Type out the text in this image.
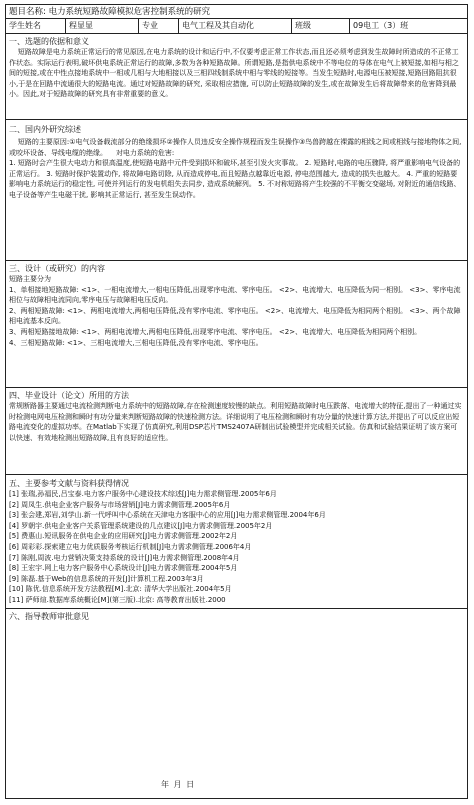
题目名称: 电力系统短路故障模拟危害控制系统的研究
学生姓名	程显显	专业	电气工程及其自动化	班级	09电工（3）班
一、选题的依据和意义
短路故障是电力系统正常运行的常见原因,在电力系统的设计和运行中,不仅要考虑正常工作状态,而且还必须考虑到发生故障时所造成的不正常工作状态。实际运行表明,破坏供电系统正常运行的故障,多数为各种短路故障。所谓短路,是指供电系统中不等电位的导体在电气上被短接,如相与相之间的短接,或在中性点接地系统中一相或几相与大地相接以及三相四线制系统中相与零线的短接等。当发生短路时,电源电压被短接,短路回路阻抗很小,于是在回路中流通很大的短路电流。通过对短路故障的研究, 采取相应措施, 可以防止短路故障的发生,或在故障发生后将故障带来的危害降到最小。因此,对于短路故障的研究具有非常重要的意义。
二、国内外研究综述
短路的主要原因:①电气设备载流部分的绝缘损坏②操作人员违反安全操作规程而发生误操作③鸟兽跨越在裸露的相线之间或相线与接地物体之间, 或咬坏设备、导线电缆的绝缘。    对电力系统的危害:
1. 短路时会产生很大电动力和很高温度,使短路电路中元件受到损坏和破坏,甚至引发火灾事故。 2. 短路时,电路的电压骤降, 将严重影响电气设备的正常运行。 3. 短路时保护装置动作, 将故障电路切除, 从而造成停电,而且短路点越靠近电源, 停电范围越大, 造成的损失也越大。 4. 严重的短路要影响电力系统运行的稳定性, 可使并列运行的发电机组失去同步, 造成系统解列。 5. 不对称短路将产生较强的不平衡交变磁场, 对附近的通信线路、电子设备等产生电磁干扰, 影响其正常运行, 甚至发生误动作。
三、设计（或研究）的内容
短路主要分为
1、单相接地短路故障: <1>、一相电流增大,一相电压降低,出现零序电流、零序电压。 <2>、电流增大、电压降低为同一相别。 <3>、零序电流相位与故障相电流同向,零序电压与故障相电压反向。
2、两相短路故障: <1>、两相电流增大,两相电压降低,没有零序电流、零序电压。 <2>、电流增大、电压降低为相同两个相别。 <3>、两个故障相电流基本反向。
3、两相短路接地故障: <1>、两相电流增大,两相电压降低,出现零序电流、零序电压。 <2>、电流增大、电压降低为相同两个相别。
4、三相短路故障: <1>、三相电流增大,三相电压降低,没有零序电流、零序电压。
四、毕业设计（论文）所用的方法
常规断路器主要通过电流检测判断电力系统中的短路故障,存在检测速度较慢的缺点。利用短路故障时电压跌落、电流增大的特征,提出了一种通过实时检测电网电压检测和瞬时有功分量来判断短路故障的快速检测方法。详细说明了电压检测和瞬时有功分量的快速计算方法,并提出了可以反应出短路电流变化的虚拟功率。在Matlab下实现了仿真研究,利用DSP芯片TMS2407A研制出试验模型并完成相关试验。仿真和试验结果证明了该方案可以快速、有效地检测出短路故障,且有良好的适应性。
五、主要参考文献与资料获得情况
[1] 张瑞,孙福民,吕宝泰.电力客户服务中心建设技术综述[J]电力需求侧管理.2005年6月
[2] 周凤生.供电企业客户服务与市场营销[J]电力需求侧管理.2005年6月
[3] 张会建,郑岩,刘学山.新一代呼叫中心系统在天津电力客服中心的应用[J]电力需求侧管理.2004年6月
[4] 罗朝宇.供电企业客户关系管理系统建设的几点建议[J]电力需求侧管理.2005年2月
[5] 费惠山.短讯服务在供电企业的应用研究[J]电力需求侧管理.2002年2月
[6] 周彩彩.探索建立电力优质服务考核运行机制[J]电力需求侧管理.2006年4月
[7] 陈刚,周波.电力营销决策支持系统的设计[J]电力需求侧管理.2008年4月
[8] 王宏宇.网上电力客户服务中心系统设计[J]电力需求侧管理.2004年5月
[9] 陈磊.基于Web的信息系统的开发[J]计算机工程.2003年3月
[10] 陈优.信息系统开发方法教程[M].北京: 清华大学出版社.2004年5月
[11] 萨师煊.数据库系统概论[M](第三版).北京: 高等教育出版社.2000
六、指导教师审批意见
年 月 日
